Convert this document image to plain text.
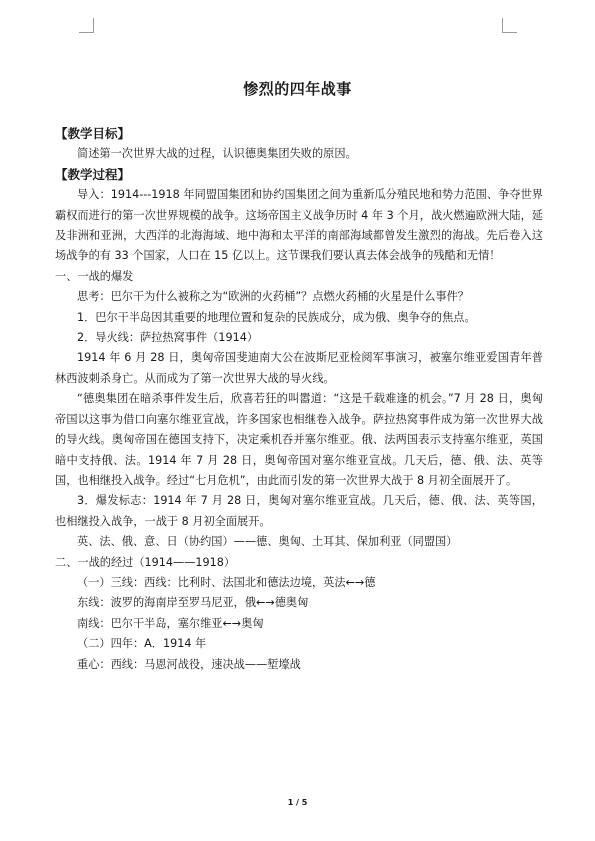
惨烈的四年战事

【教学目标】

简述第一次世界大战的过程，认识德奥集团失败的原因。

【教学过程】

导入：1914---1918 年同盟国集团和协约国集团之间为重新瓜分殖民地和势力范围、争夺世界霸权而进行的第一次世界规模的战争。这场帝国主义战争历时 4 年 3 个月，战火燃遍欧洲大陆，延及非洲和亚洲，大西洋的北海海域、地中海和太平洋的南部海域都曾发生激烈的海战。先后卷入这场战争的有 33 个国家，人口在 15 亿以上。这节课我们要认真去体会战争的残酷和无情！

一、一战的爆发

思考：巴尔干为什么被称之为“欧洲的火药桶”？点燃火药桶的火星是什么事件？

1．巴尔干半岛因其重要的地理位置和复杂的民族成分，成为俄、奥争夺的焦点。

2．导火线：萨拉热窝事件（1914）

1914 年 6 月 28 日，奥匈帝国斐迪南大公在波斯尼亚检阅军事演习，被塞尔维亚爱国青年普林西波刺杀身亡。从而成为了第一次世界大战的导火线。

“德奥集团在暗杀事件发生后，欣喜若狂的叫嚣道：“这是千载难逢的机会。”7 月 28 日，奥匈帝国以这事为借口向塞尔维亚宣战，许多国家也相继卷入战争。萨拉热窝事件成为第一次世界大战的导火线。奥匈帝国在德国支持下，决定乘机吞并塞尔维亚。俄、法两国表示支持塞尔维亚，英国暗中支持俄、法。1914 年 7 月 28 日，奥匈帝国对塞尔维亚宣战。几天后，德、俄、法、英等国，也相继投入战争。经过“七月危机”，由此而引发的第一次世界大战于 8 月初全面展开了。

3．爆发标志：1914 年 7 月 28 日，奥匈对塞尔维亚宣战。几天后，德、俄、法、英等国，也相继投入战争，一战于 8 月初全面展开。

英、法、俄、意、日（协约国）——德、奥匈、土耳其、保加利亚（同盟国）

二、一战的经过（1914——1918）

（一）三线：西线：比利时、法国北和德法边境，英法←→德

东线：波罗的海南岸至罗马尼亚，俄←→德奥匈

南线：巴尔干半岛，塞尔维亚←→奥匈

（二）四年：A．1914 年

重心：西线：马恩河战役，速决战——堑壕战

1 / 5
